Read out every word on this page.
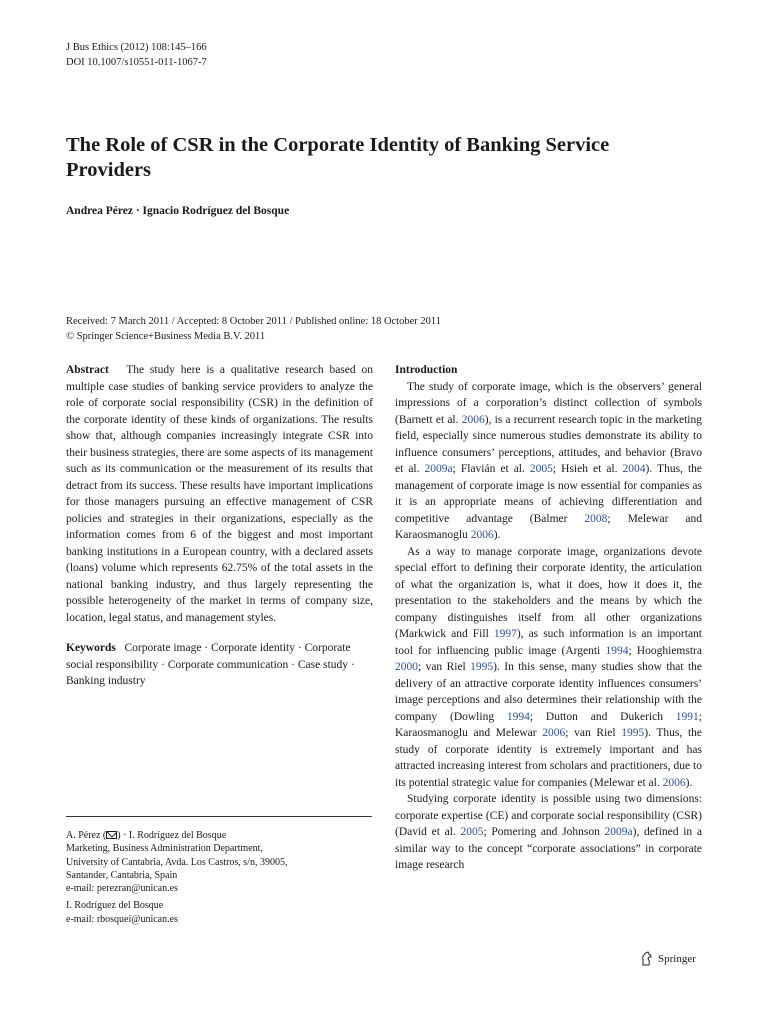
J Bus Ethics (2012) 108:145–166
DOI 10.1007/s10551-011-1067-7
The Role of CSR in the Corporate Identity of Banking Service Providers
Andrea Pérez · Ignacio Rodríguez del Bosque
Received: 7 March 2011 / Accepted: 8 October 2011 / Published online: 18 October 2011
© Springer Science+Business Media B.V. 2011

Abstract The study here is a qualitative research based on multiple case studies of banking service providers to analyze the role of corporate social responsibility (CSR) in the definition of the corporate identity of these kinds of organizations. The results show that, although companies increasingly integrate CSR into their business strategies, there are some aspects of its management such as its communication or the measurement of its results that detract from its success. These results have important implications for those managers pursuing an effective management of CSR policies and strategies in their organizations, especially as the information comes from 6 of the biggest and most important banking institutions in a European country, with a declared assets (loans) volume which represents 62.75% of the total assets in the national banking industry, and thus largely representing the possible heterogeneity of the market in terms of company size, location, legal status, and management styles.

Keywords Corporate image · Corporate identity · Corporate social responsibility · Corporate communication · Case study · Banking industry

A. Pérez ( ) · I. Rodríguez del Bosque
Marketing, Business Administration Department,
University of Cantabria, Avda. Los Castros, s/n, 39005,
Santander, Cantabria, Spain
e-mail: perezran@unican.es

I. Rodríguez del Bosque
e-mail: rbosquei@unican.es

Introduction

The study of corporate image, which is the observers’ general impressions of a corporation’s distinct collection of symbols (Barnett et al. 2006), is a recurrent research topic in the marketing field, especially since numerous studies demonstrate its ability to influence consumers’ perceptions, attitudes, and behavior (Bravo et al. 2009a; Flavián et al. 2005; Hsieh et al. 2004). Thus, the management of corporate image is now essential for companies as it is an appropriate means of achieving differentiation and competitive advantage (Balmer 2008; Melewar and Karaosmanoglu 2006).

As a way to manage corporate image, organizations devote special effort to defining their corporate identity, the articulation of what the organization is, what it does, how it does it, the presentation to the stakeholders and the means by which the company distinguishes itself from all other organizations (Markwick and Fill 1997), as such information is an important tool for influencing public image (Argenti 1994; Hooghiemstra 2000; van Riel 1995). In this sense, many studies show that the delivery of an attractive corporate identity influences consumers’ image perceptions and also determines their relationship with the company (Dowling 1994; Dutton and Dukerich 1991; Karaosmanoglu and Melewar 2006; van Riel 1995). Thus, the study of corporate identity is extremely important and has attracted increasing interest from scholars and practitioners, due to its potential strategic value for companies (Melewar et al. 2006).

Studying corporate identity is possible using two dimensions: corporate expertise (CE) and corporate social responsibility (CSR) (David et al. 2005; Pomering and Johnson 2009a), defined in a similar way to the concept “corporate associations” in corporate image research

Springer
